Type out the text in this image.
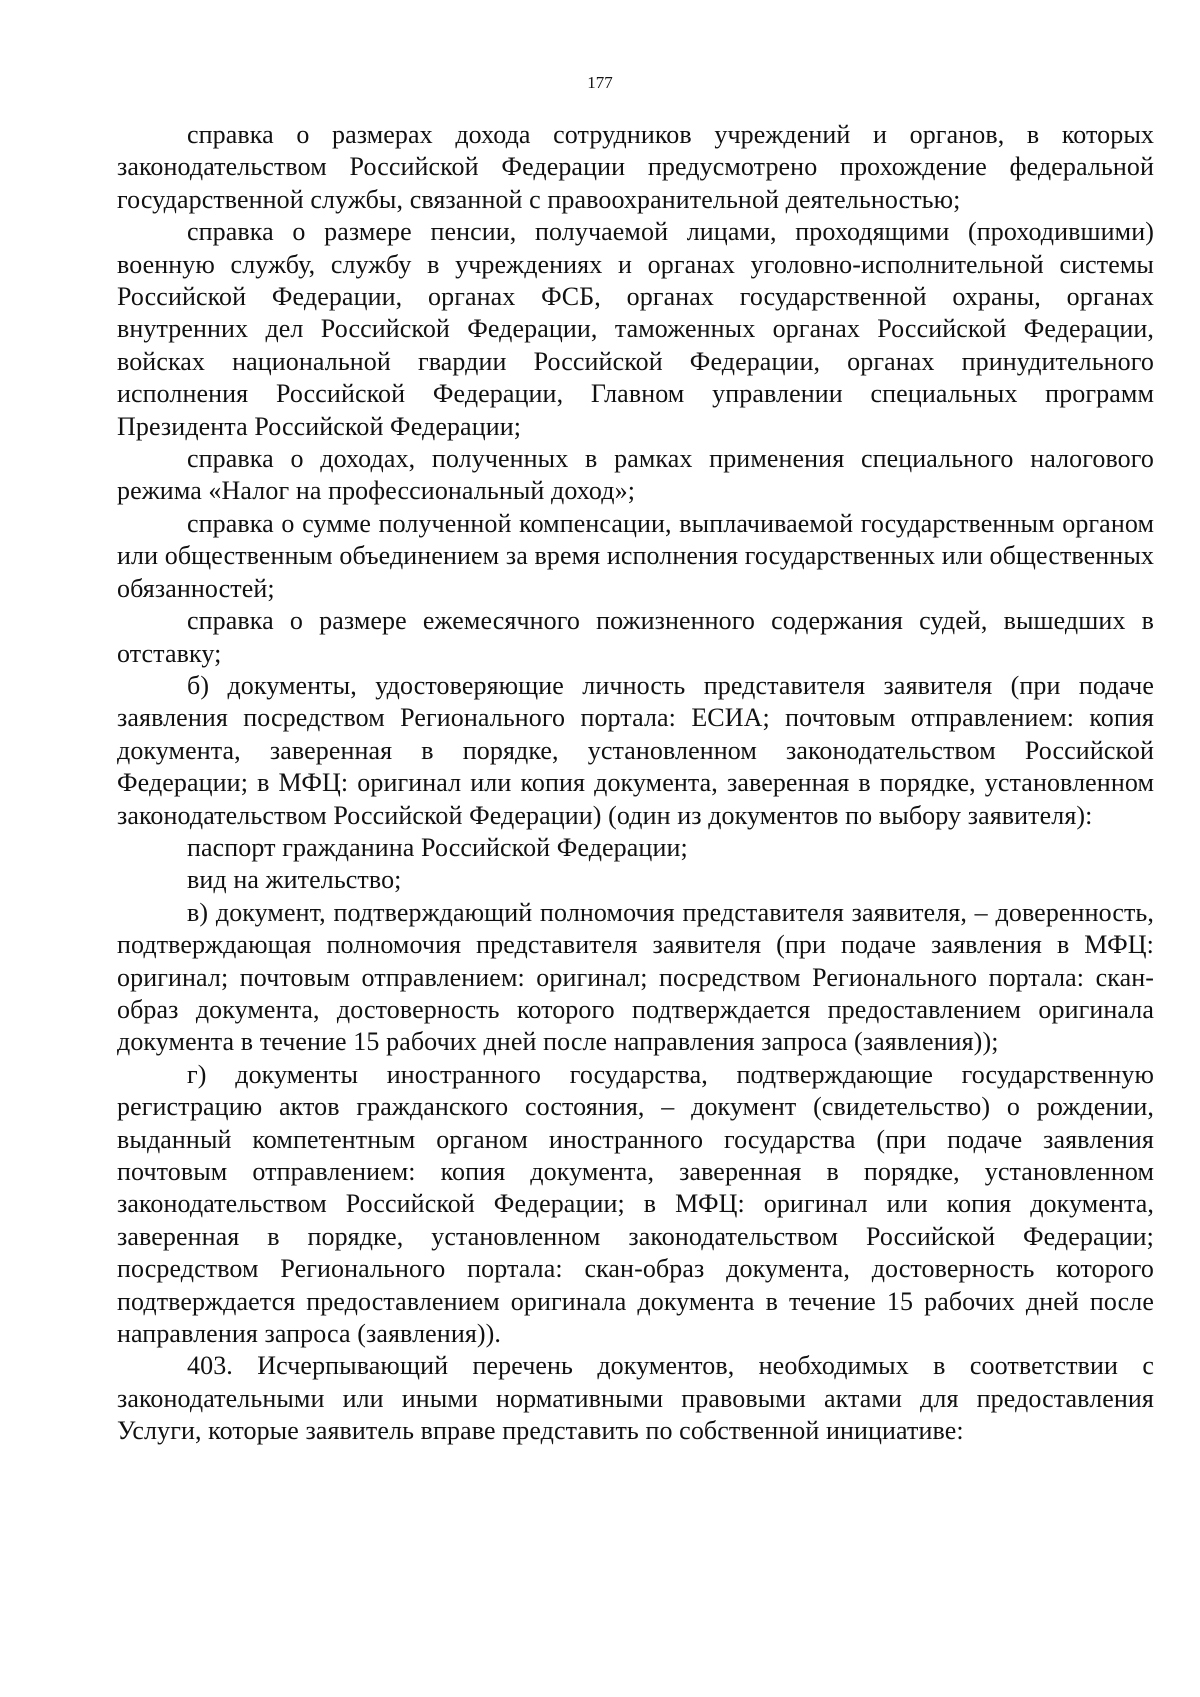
177

справка о размерах дохода сотрудников учреждений и органов, в которых законодательством Российской Федерации предусмотрено прохождение федеральной государственной службы, связанной с правоохранительной деятельностью;

справка о размере пенсии, получаемой лицами, проходящими (проходившими) военную службу, службу в учреждениях и органах уголовно-исполнительной системы Российской Федерации, органах ФСБ, органах государственной охраны, органах внутренних дел Российской Федерации, таможенных органах Российской Федерации, войсках национальной гвардии Российской Федерации, органах принудительного исполнения Российской Федерации, Главном управлении специальных программ Президента Российской Федерации;

справка о доходах, полученных в рамках применения специального налогового режима «Налог на профессиональный доход»;

справка о сумме полученной компенсации, выплачиваемой государственным органом или общественным объединением за время исполнения государственных или общественных обязанностей;

справка о размере ежемесячного пожизненного содержания судей, вышедших в отставку;

б) документы, удостоверяющие личность представителя заявителя (при подаче заявления посредством Регионального портала: ЕСИА; почтовым отправлением: копия документа, заверенная в порядке, установленном законодательством Российской Федерации; в МФЦ: оригинал или копия документа, заверенная в порядке, установленном законодательством Российской Федерации) (один из документов по выбору заявителя):

паспорт гражданина Российской Федерации;

вид на жительство;

в) документ, подтверждающий полномочия представителя заявителя, – доверенность, подтверждающая полномочия представителя заявителя (при подаче заявления в МФЦ: оригинал; почтовым отправлением: оригинал; посредством Регионального портала: скан-образ документа, достоверность которого подтверждается предоставлением оригинала документа в течение 15 рабочих дней после направления запроса (заявления));

г) документы иностранного государства, подтверждающие государственную регистрацию актов гражданского состояния, – документ (свидетельство) о рождении, выданный компетентным органом иностранного государства (при подаче заявления почтовым отправлением: копия документа, заверенная в порядке, установленном законодательством Российской Федерации; в МФЦ: оригинал или копия документа, заверенная в порядке, установленном законодательством Российской Федерации; посредством Регионального портала: скан-образ документа, достоверность которого подтверждается предоставлением оригинала документа в течение 15 рабочих дней после направления запроса (заявления)).

403. Исчерпывающий перечень документов, необходимых в соответствии с законодательными или иными нормативными правовыми актами для предоставления Услуги, которые заявитель вправе представить по собственной инициативе:
